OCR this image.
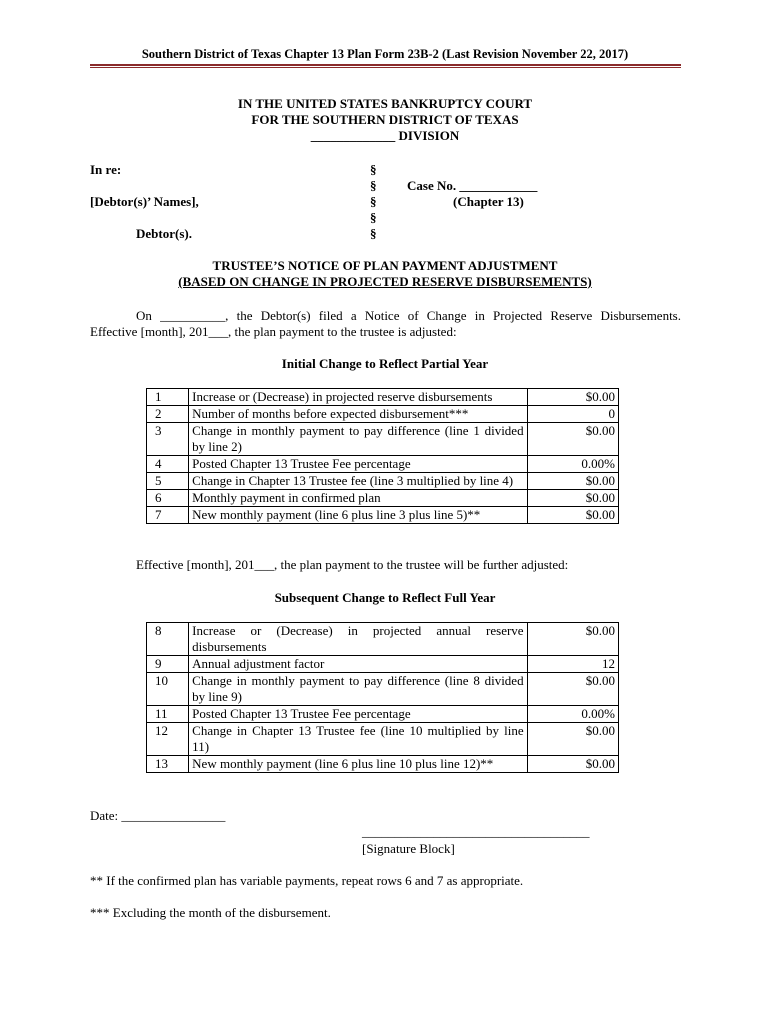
Southern District of Texas Chapter 13 Plan Form 23B-2 (Last Revision November 22, 2017)
IN THE UNITED STATES BANKRUPTCY COURT
FOR THE SOUTHERN DISTRICT OF TEXAS
_____________ DIVISION
In re:
[Debtor(s)’ Names],
Debtor(s).
§
§
§
§
§
Case No. ____________
(Chapter 13)
TRUSTEE’S NOTICE OF PLAN PAYMENT ADJUSTMENT
(BASED ON CHANGE IN PROJECTED RESERVE DISBURSEMENTS)
On __________, the Debtor(s) filed a Notice of Change in Projected Reserve Disbursements.
Effective [month], 201___, the plan payment to the trustee is adjusted:
Initial Change to Reflect Partial Year
1	Increase or (Decrease) in projected reserve disbursements	$0.00
2	Number of months before expected disbursement***	0
3	Change in monthly payment to pay difference (line 1 divided by line 2)	$0.00
4	Posted Chapter 13 Trustee Fee percentage	0.00%
5	Change in Chapter 13 Trustee fee (line 3 multiplied by line 4)	$0.00
6	Monthly payment in confirmed plan	$0.00
7	New monthly payment (line 6 plus line 3 plus line 5)**	$0.00
Effective [month], 201___, the plan payment to the trustee will be further adjusted:
Subsequent Change to Reflect Full Year
8	Increase or (Decrease) in projected annual reserve disbursements	$0.00
9	Annual adjustment factor	12
10	Change in monthly payment to pay difference (line 8 divided by line 9)	$0.00
11	Posted Chapter 13 Trustee Fee percentage	0.00%
12	Change in Chapter 13 Trustee fee (line 10 multiplied by line 11)	$0.00
13	New monthly payment (line 6 plus line 10 plus line 12)**	$0.00
Date: ________________
___________________________________
[Signature Block]
** If the confirmed plan has variable payments, repeat rows 6 and 7 as appropriate.
*** Excluding the month of the disbursement.
